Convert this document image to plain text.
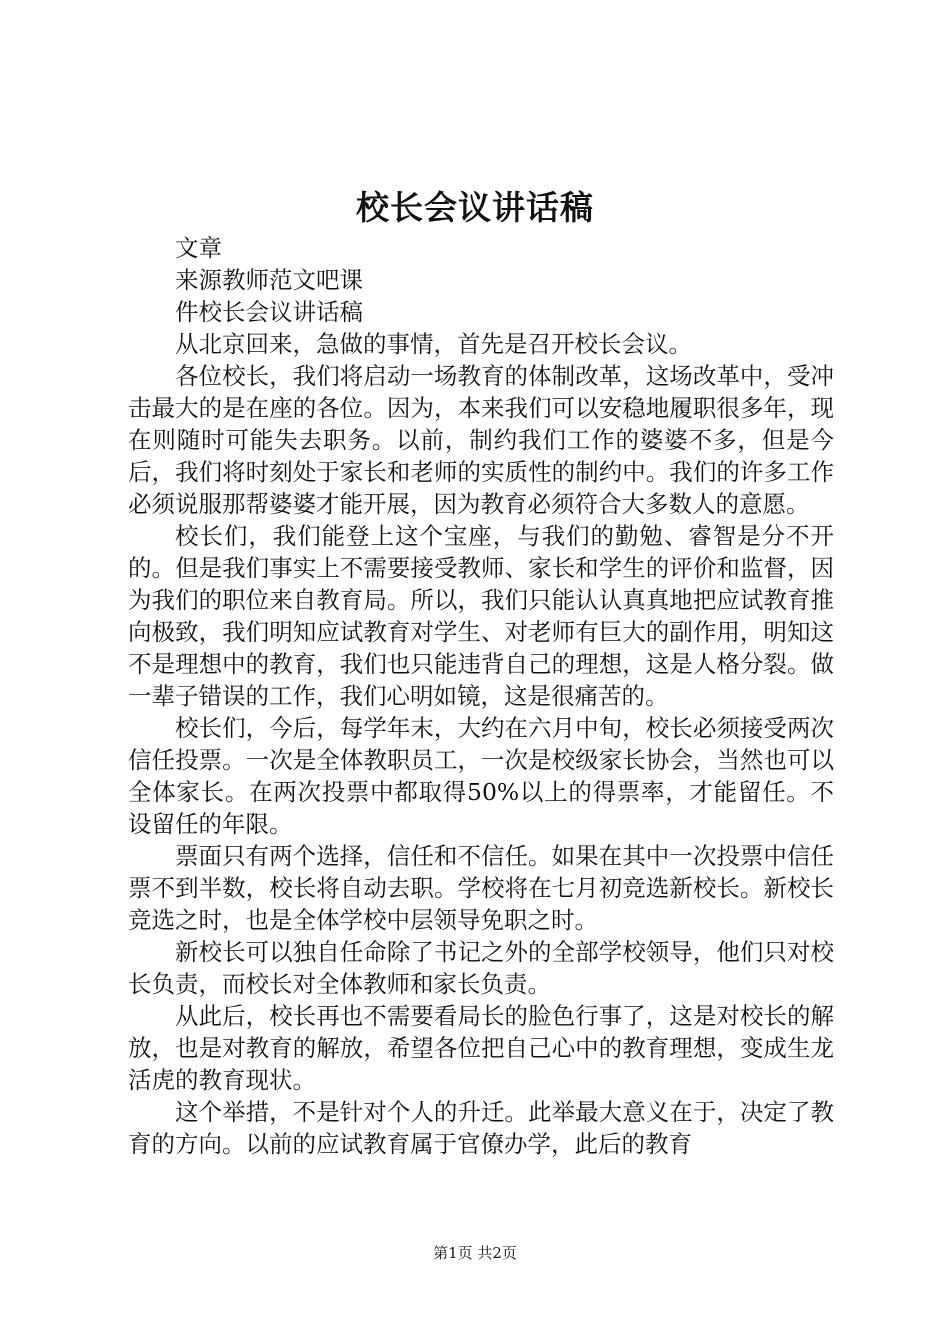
校长会议讲话稿

文章

来源教师范文吧课

件校长会议讲话稿

从北京回来，急做的事情，首先是召开校长会议。

各位校长，我们将启动一场教育的体制改革，这场改革中，受冲击最大的是在座的各位。因为，本来我们可以安稳地履职很多年，现在则随时可能失去职务。以前，制约我们工作的婆婆不多，但是今后，我们将时刻处于家长和老师的实质性的制约中。我们的许多工作必须说服那帮婆婆才能开展，因为教育必须符合大多数人的意愿。

校长们，我们能登上这个宝座，与我们的勤勉、睿智是分不开的。但是我们事实上不需要接受教师、家长和学生的评价和监督，因为我们的职位来自教育局。所以，我们只能认认真真地把应试教育推向极致，我们明知应试教育对学生、对老师有巨大的副作用，明知这不是理想中的教育，我们也只能违背自己的理想，这是人格分裂。做一辈子错误的工作，我们心明如镜，这是很痛苦的。

校长们，今后，每学年末，大约在六月中旬，校长必须接受两次信任投票。一次是全体教职员工，一次是校级家长协会，当然也可以全体家长。在两次投票中都取得50%以上的得票率，才能留任。不设留任的年限。

票面只有两个选择，信任和不信任。如果在其中一次投票中信任票不到半数，校长将自动去职。学校将在七月初竞选新校长。新校长竞选之时，也是全体学校中层领导免职之时。

新校长可以独自任命除了书记之外的全部学校领导，他们只对校长负责，而校长对全体教师和家长负责。

从此后，校长再也不需要看局长的脸色行事了，这是对校长的解放，也是对教育的解放，希望各位把自己心中的教育理想，变成生龙活虎的教育现状。

这个举措，不是针对个人的升迁。此举最大意义在于，决定了教育的方向。以前的应试教育属于官僚办学，此后的教育

第1页 共2页
